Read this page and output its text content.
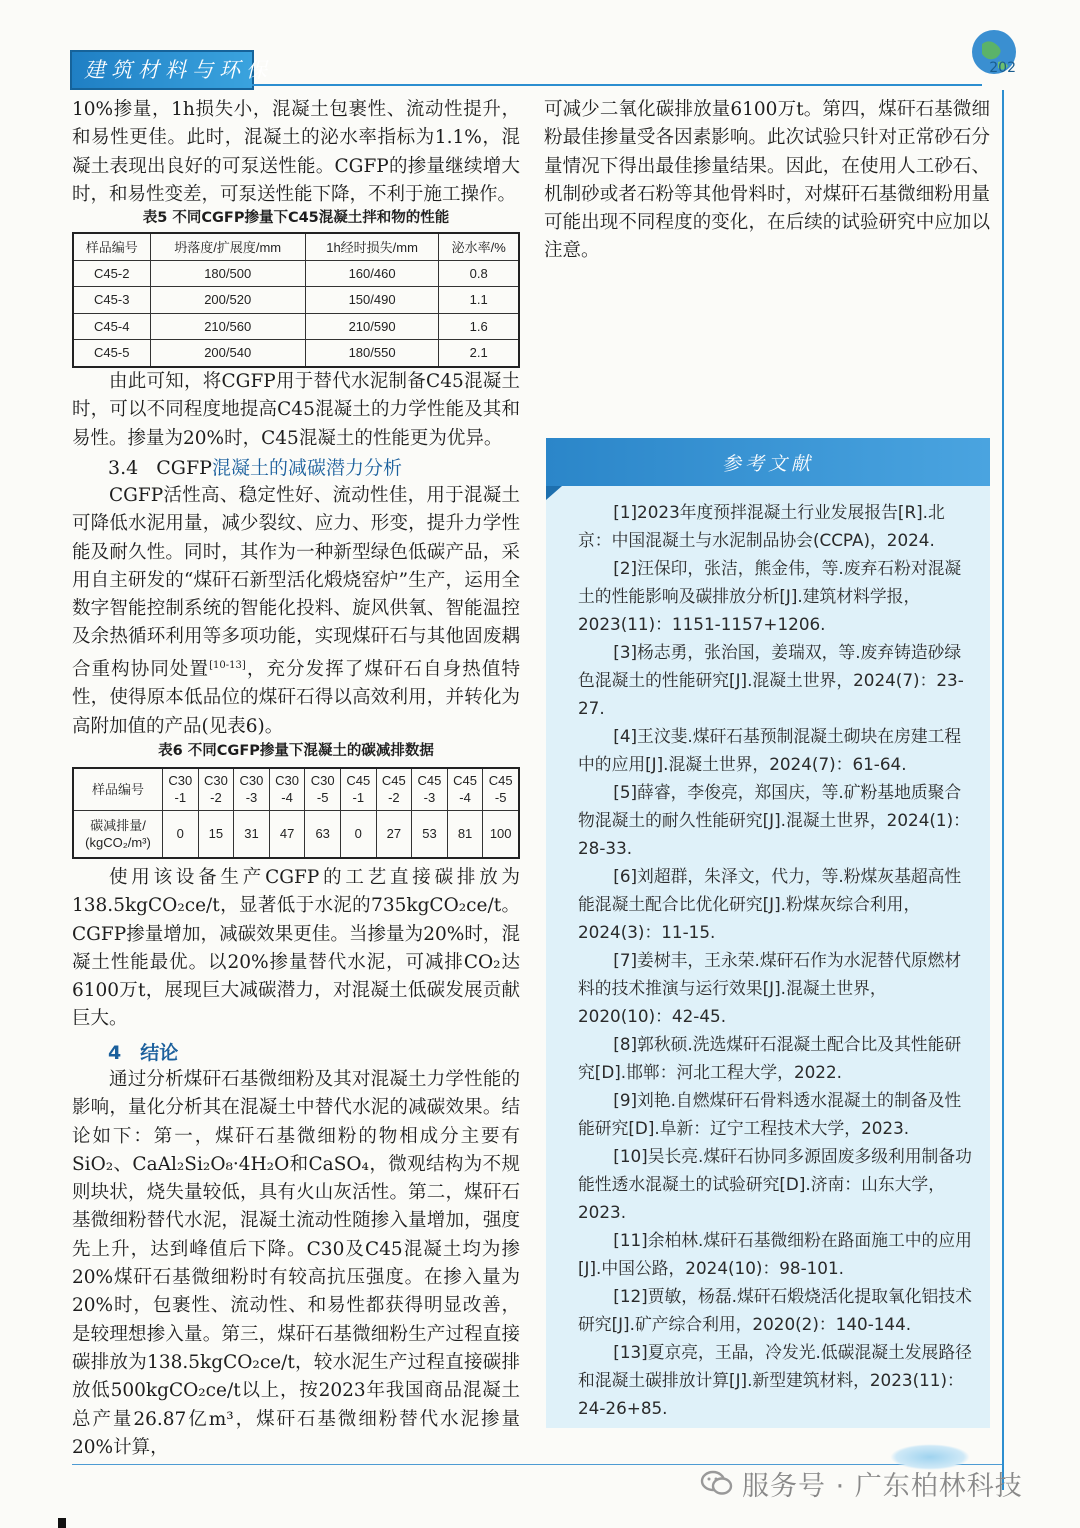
建筑材料与环保	202

10%掺量，1h损失小，混凝土包裹性、流动性提升，和易性更佳。此时，混凝土的泌水率指标为1.1%，混凝土表现出良好的可泵送性能。CGFP的掺量继续增大时，和易性变差，可泵送性能下降，不利于施工操作。

表5 不同CGFP掺量下C45混凝土拌和物的性能
样品编号	坍落度/扩展度/mm	1h经时损失/mm	泌水率/%
C45-2	180/500	160/460	0.8
C45-3	200/520	150/490	1.1
C45-4	210/560	210/590	1.6
C45-5	200/540	180/550	2.1

由此可知，将CGFP用于替代水泥制备C45混凝土时，可以不同程度地提高C45混凝土的力学性能及其和易性。掺量为20%时，C45混凝土的性能更为优异。

3.4 CGFP混凝土的减碳潜力分析

CGFP活性高、稳定性好、流动性佳，用于混凝土可降低水泥用量，减少裂纹、应力、形变，提升力学性能及耐久性。同时，其作为一种新型绿色低碳产品，采用自主研发的“煤矸石新型活化煅烧窑炉”生产，运用全数字智能控制系统的智能化投料、旋风供氧、智能温控及余热循环利用等多项功能，实现煤矸石与其他固废耦合重构协同处置[10-13]，充分发挥了煤矸石自身热值特性，使得原本低品位的煤矸石得以高效利用，并转化为高附加值的产品(见表6)。

表6 不同CGFP掺量下混凝土的碳减排数据
样品编号	C30 -1	C30 -2	C30 -3	C30 -4	C30 -5	C45 -1	C45 -2	C45 -3	C45 -4	C45 -5
碳减排量/ (kgCO₂/m³)	0	15	31	47	63	0	27	53	81	100

使用该设备生产CGFP的工艺直接碳排放为138.5kgCO₂ce/t，显著低于水泥的735kgCO₂ce/t。CGFP掺量增加，减碳效果更佳。当掺量为20%时，混凝土性能最优。以20%掺量替代水泥，可减排CO₂达6100万t，展现巨大减碳潜力，对混凝土低碳发展贡献巨大。

4　结论

通过分析煤矸石基微细粉及其对混凝土力学性能的影响，量化分析其在混凝土中替代水泥的减碳效果。结论如下：第一，煤矸石基微细粉的物相成分主要有SiO₂、CaAl₂Si₂O₈·4H₂O和CaSO₄，微观结构为不规则块状，烧失量较低，具有火山灰活性。第二，煤矸石基微细粉替代水泥，混凝土流动性随掺入量增加，强度先上升，达到峰值后下降。C30及C45混凝土均为掺20%煤矸石基微细粉时有较高抗压强度。在掺入量为20%时，包裹性、流动性、和易性都获得明显改善，是较理想掺入量。第三，煤矸石基微细粉生产过程直接碳排放为138.5kgCO₂ce/t，较水泥生产过程直接碳排放低500kgCO₂ce/t以上，按2023年我国商品混凝土总产量26.87亿m³，煤矸石基微细粉替代水泥掺量20%计算，

可减少二氧化碳排放量6100万t。第四，煤矸石基微细粉最佳掺量受各因素影响。此次试验只针对正常砂石分量情况下得出最佳掺量结果。因此，在使用人工砂石、机制砂或者石粉等其他骨料时，对煤矸石基微细粉用量可能出现不同程度的变化，在后续的试验研究中应加以注意。

参考文献

[1]2023年度预拌混凝土行业发展报告[R].北京：中国混凝土与水泥制品协会(CCPA)，2024.

[2]汪保印，张洁，熊金伟，等.废弃石粉对混凝土的性能影响及碳排放分析[J].建筑材料学报，2023(11)：1151-1157+1206.

[3]杨志勇，张治国，姜瑞双，等.废弃铸造砂绿色混凝土的性能研究[J].混凝土世界，2024(7)：23-27.

[4]王汶斐.煤矸石基预制混凝土砌块在房建工程中的应用[J].混凝土世界，2024(7)：61-64.

[5]薛睿，李俊亮，郑国庆，等.矿粉基地质聚合物混凝土的耐久性能研究[J].混凝土世界，2024(1)：28-33.

[6]刘超群，朱泽文，代力，等.粉煤灰基超高性能混凝土配合比优化研究[J].粉煤灰综合利用，2024(3)：11-15.

[7]姜树丰，王永荣.煤矸石作为水泥替代原燃材料的技术推演与运行效果[J].混凝土世界，2020(10)：42-45.

[8]郭秋硕.洗选煤矸石混凝土配合比及其性能研究[D].邯郸：河北工程大学，2022.

[9]刘艳.自燃煤矸石骨料透水混凝土的制备及性能研究[D].阜新：辽宁工程技术大学，2023.

[10]吴长亮.煤矸石协同多源固废多级利用制备功能性透水混凝土的试验研究[D].济南：山东大学，2023.

[11]余柏林.煤矸石基微细粉在路面施工中的应用[J].中国公路，2024(10)：98-101.

[12]贾敏，杨磊.煤矸石煅烧活化提取氧化铝技术研究[J].矿产综合利用，2020(2)：140-144.

[13]夏京亮，王晶，冷发光.低碳混凝土发展路径和混凝土碳排放计算[J].新型建筑材料，2023(11)：24-26+85.

服务号 · 广东柏林科技
